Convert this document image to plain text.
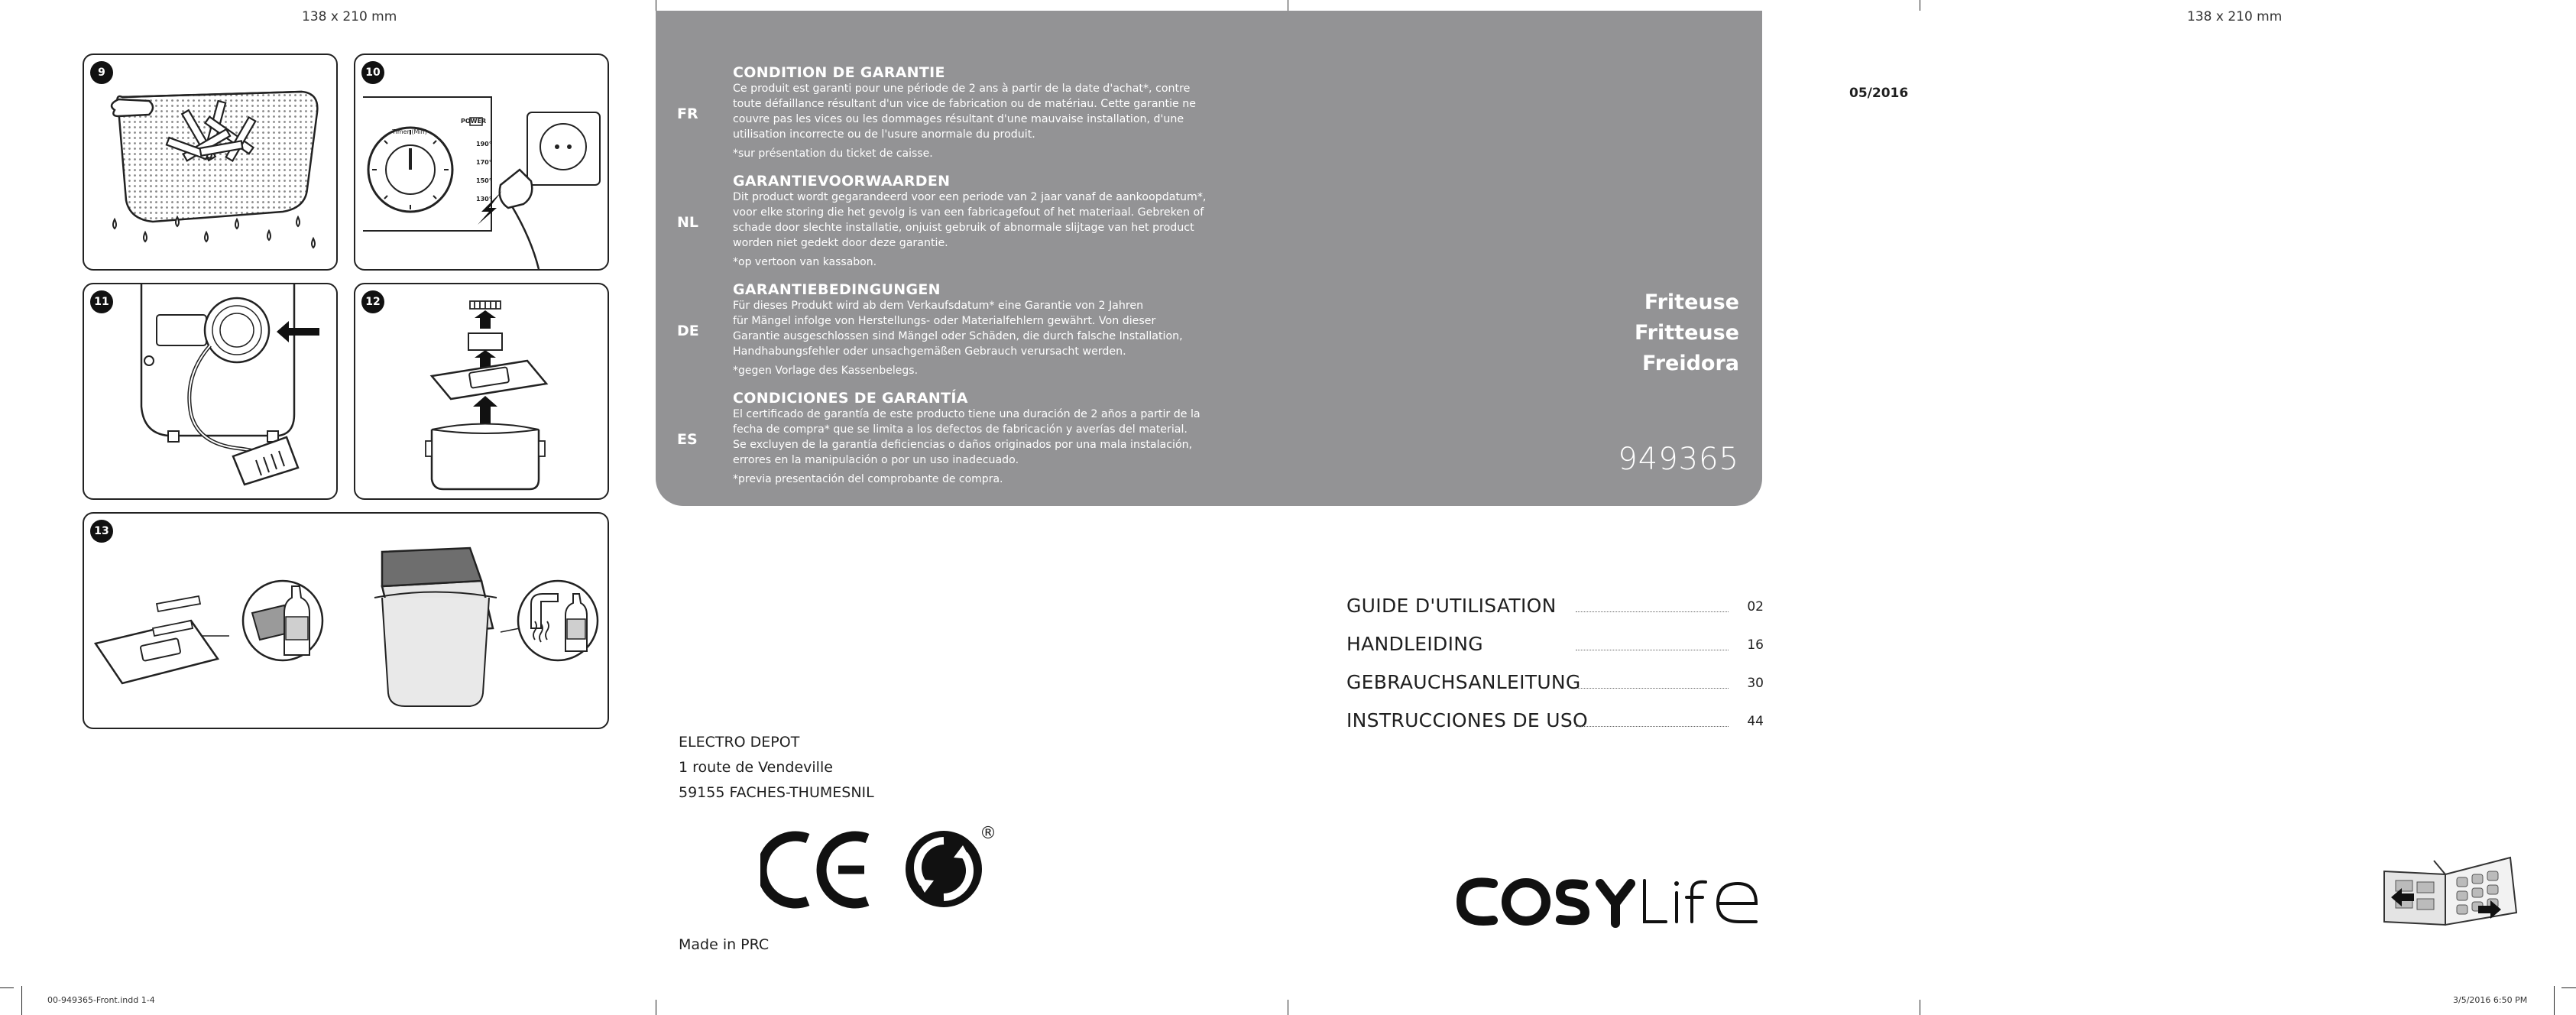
138 x 210 mm	138 x 210 mm
00-949365-Front.indd 1-4	3/5/2016 6:50 PM
9
Timer (Min)
POWER
190°
170°
150°
130°
10
11	12
13
FR
CONDITION DE GARANTIE
Ce produit est garanti pour une période de 2 ans à partir de la date d'achat*, contre
toute défaillance résultant d'un vice de fabrication ou de matériau. Cette garantie ne
couvre pas les vices ou les dommages résultant d'une mauvaise installation, d'une
utilisation incorrecte ou de l'usure anormale du produit.
*sur présentation du ticket de caisse.
NL
GARANTIEVOORWAARDEN
Dit product wordt gegarandeerd voor een periode van 2 jaar vanaf de aankoopdatum*,
voor elke storing die het gevolg is van een fabricagefout of het materiaal. Gebreken of
schade door slechte installatie, onjuist gebruik of abnormale slijtage van het product
worden niet gedekt door deze garantie.
*op vertoon van kassabon.
DE
GARANTIEBEDINGUNGEN
Für dieses Produkt wird ab dem Verkaufsdatum* eine Garantie von 2 Jahren
für Mängel infolge von Herstellungs- oder Materialfehlern gewährt. Von dieser
Garantie ausgeschlossen sind Mängel oder Schäden, die durch falsche Installation,
Handhabungsfehler oder unsachgemäßen Gebrauch verursacht werden.
*gegen Vorlage des Kassenbelegs.
ES
CONDICIONES DE GARANTÍA
El certificado de garantía de este producto tiene una duración de 2 años a partir de la
fecha de compra* que se limita a los defectos de fabricación y averías del material.
Se excluyen de la garantía deficiencias o daños originados por una mala instalación,
errores en la manipulación o por un uso inadecuado.
*previa presentación del comprobante de compra.
Friteuse
Fritteuse
Freidora
949365
05/2016
GUIDE D'UTILISATION	02
HANDLEIDING	16
GEBRAUCHSANLEITUNG	30
INSTRUCCIONES DE USO	44
ELECTRO DEPOT
1 route de Vendeville
59155 FACHES-THUMESNIL
®
Made in PRC
